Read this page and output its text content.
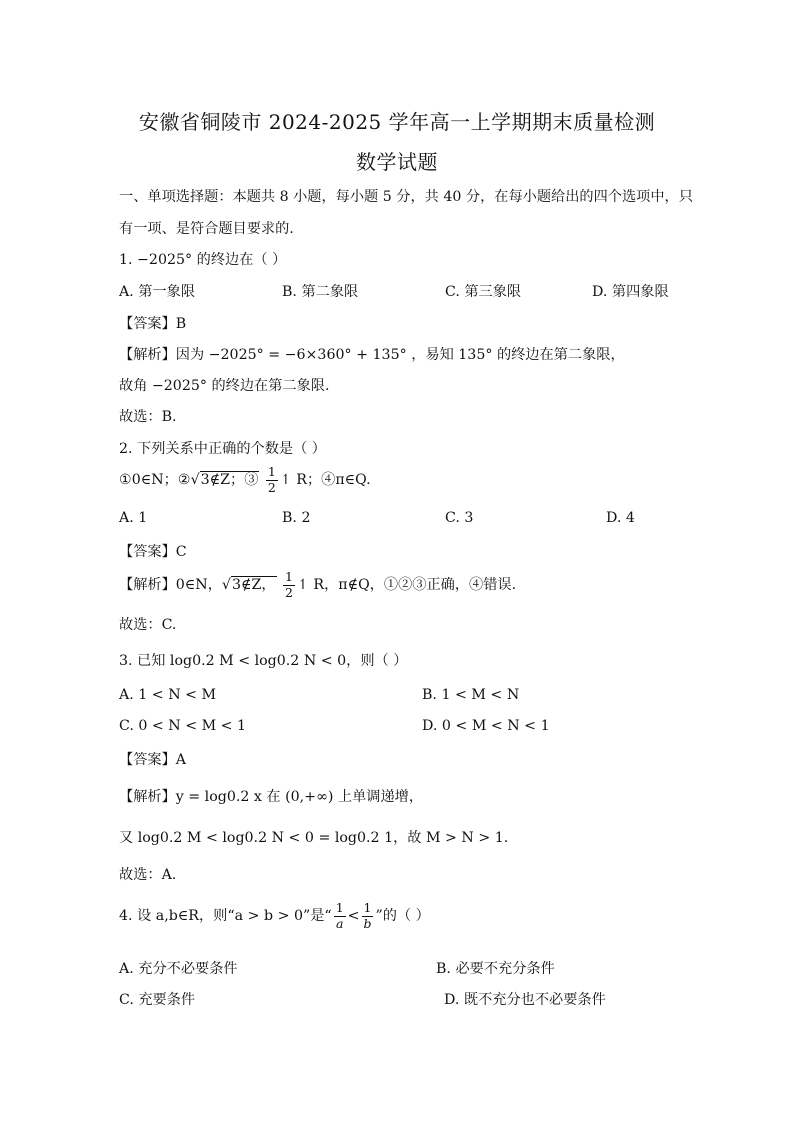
安徽省铜陵市 2024-2025 学年高一上学期期末质量检测
数学试题
一、单项选择题：本题共 8 小题，每小题 5 分，共 40 分，在每小题给出的四个选项中，只
有一项、是符合题目要求的.
1. −2025° 的终边在（ ）
A. 第一象限	B. 第二象限	C. 第三象限	D. 第四象限
【答案】B
【解析】因为 −2025° = −6×360° + 135° ，易知 135° 的终边在第二象限，
故角 −2025° 的终边在第二象限.
故选：B.
2. 下列关系中正确的个数是（ ）
①0∈N；②√3∉Z；③ $\frac{1}{2}$ ↿ R；④π∈Q.
A. 1	B. 2	C. 3	D. 4
【答案】C
【解析】0∈N，√3∉Z， $\frac{1}{2}$ ↿ R，π∉Q，①②③正确，④错误.
故选：C.
3. 已知 log0.2 M < log0.2 N < 0，则（ ）
A. 1 < N < M	B. 1 < M < N
C. 0 < N < M < 1	D. 0 < M < N < 1
【答案】A
【解析】y = log0.2 x 在 (0,+∞) 上单调递增，
又 log0.2 M < log0.2 N < 0 = log0.2 1，故 M > N > 1.
故选：A.
4. 设 a,b∈R，则“a > b > 0”是“ $\frac{1}{a} < \frac{1}{b}$ ”的（ ）
A. 充分不必要条件	B. 必要不充分条件
C. 充要条件	D. 既不充分也不必要条件
